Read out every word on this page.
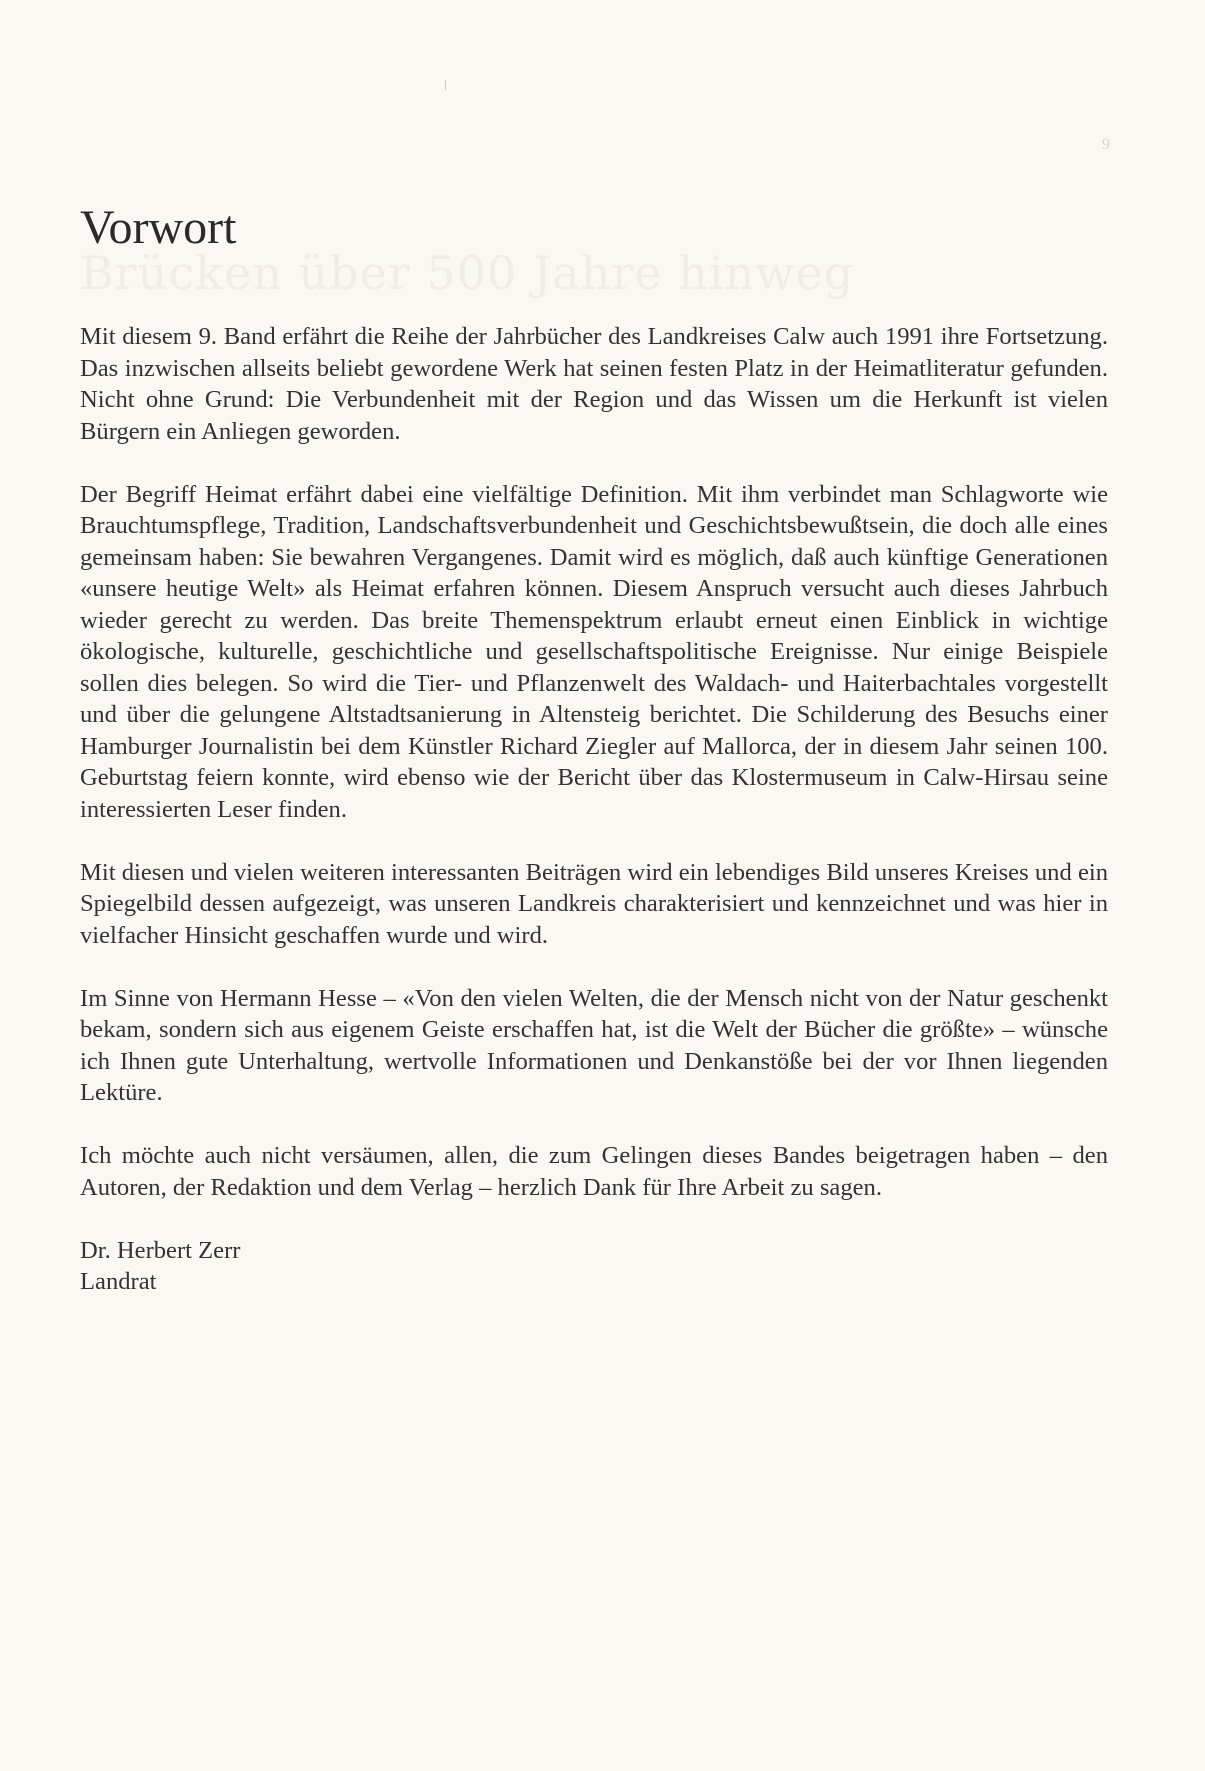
9
Brücken über 500 Jahre hinweg
Vorwort

Mit diesem 9. Band erfährt die Reihe der Jahrbücher des Landkreises Calw auch 1991 ihre Fortsetzung. Das inzwischen allseits beliebt gewordene Werk hat seinen festen Platz in der Heimatliteratur gefunden. Nicht ohne Grund: Die Verbundenheit mit der Region und das Wissen um die Herkunft ist vielen Bürgern ein Anliegen geworden.

Der Begriff Heimat erfährt dabei eine vielfältige Definition. Mit ihm verbindet man Schlagworte wie Brauchtumspflege, Tradition, Landschaftsverbundenheit und Geschichtsbewußtsein, die doch alle eines gemeinsam haben: Sie bewahren Vergangenes. Damit wird es möglich, daß auch künftige Generationen «unsere heutige Welt» als Heimat erfahren können. Diesem Anspruch versucht auch dieses Jahrbuch wieder gerecht zu werden. Das breite Themenspektrum erlaubt erneut einen Einblick in wichtige ökologische, kulturelle, geschichtliche und gesellschaftspolitische Ereignisse. Nur einige Beispiele sollen dies belegen. So wird die Tier- und Pflanzenwelt des Waldach- und Haiterbachtales vorgestellt und über die gelungene Altstadtsanierung in Altensteig berichtet. Die Schilderung des Besuchs einer Hamburger Journalistin bei dem Künstler Richard Ziegler auf Mallorca, der in diesem Jahr seinen 100. Geburtstag feiern konnte, wird ebenso wie der Bericht über das Klostermuseum in Calw-Hirsau seine interessierten Leser finden.

Mit diesen und vielen weiteren interessanten Beiträgen wird ein lebendiges Bild unseres Kreises und ein Spiegelbild dessen aufgezeigt, was unseren Landkreis charakterisiert und kennzeichnet und was hier in vielfacher Hinsicht geschaffen wurde und wird.

Im Sinne von Hermann Hesse – «Von den vielen Welten, die der Mensch nicht von der Natur geschenkt bekam, sondern sich aus eigenem Geiste erschaffen hat, ist die Welt der Bücher die größte» – wünsche ich Ihnen gute Unterhaltung, wertvolle Informationen und Denkanstöße bei der vor Ihnen liegenden Lektüre.

Ich möchte auch nicht versäumen, allen, die zum Gelingen dieses Bandes beigetragen haben – den Autoren, der Redaktion und dem Verlag – herzlich Dank für Ihre Arbeit zu sagen.

Dr. Herbert Zerr
Landrat
